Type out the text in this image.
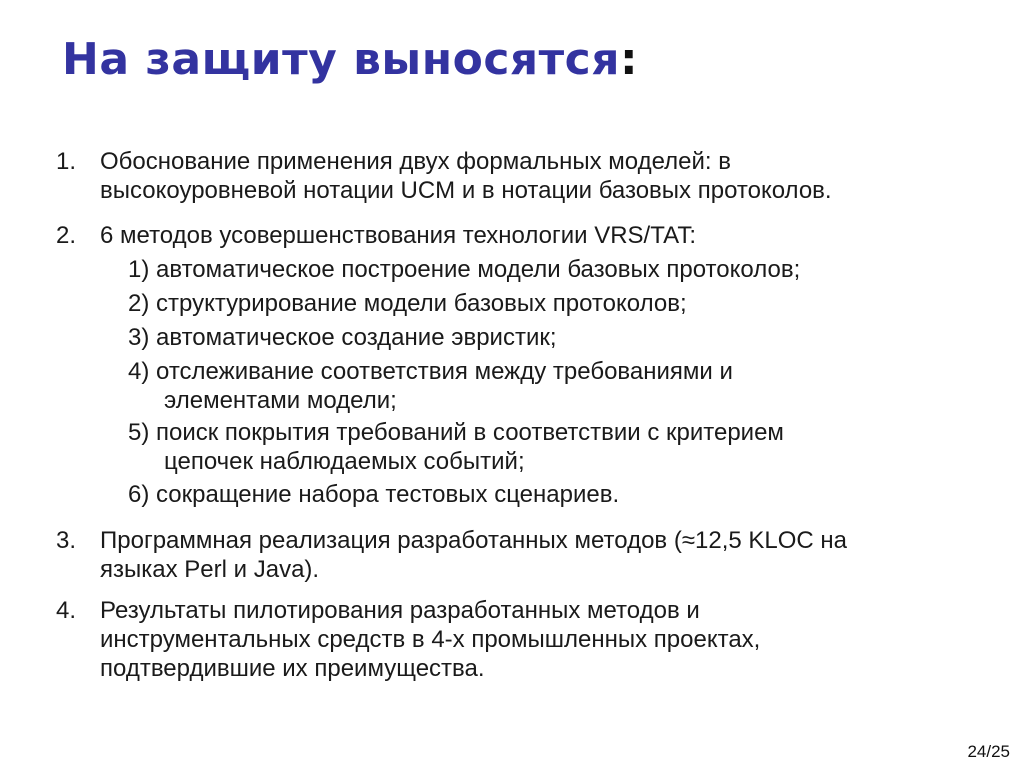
На защиту выносятся:
1. Обоснование применения двух формальных моделей: в
высокоуровневой нотации UCM и в нотации базовых протоколов.
2. 6 методов усовершенствования технологии VRS/TAT:
1) автоматическое построение модели базовых протоколов;
2) структурирование модели базовых протоколов;
3) автоматическое создание эвристик;
4) отслеживание соответствия между требованиями и
элементами модели;
5) поиск покрытия требований в соответствии с критерием
цепочек наблюдаемых событий;
6) сокращение набора тестовых сценариев.
3. Программная реализация разработанных методов (≈12,5 KLOC на
языках Perl и Java).
4. Результаты пилотирования разработанных методов и
инструментальных средств в 4-х промышленных проектах,
подтвердившие их преимущества.
24/25
